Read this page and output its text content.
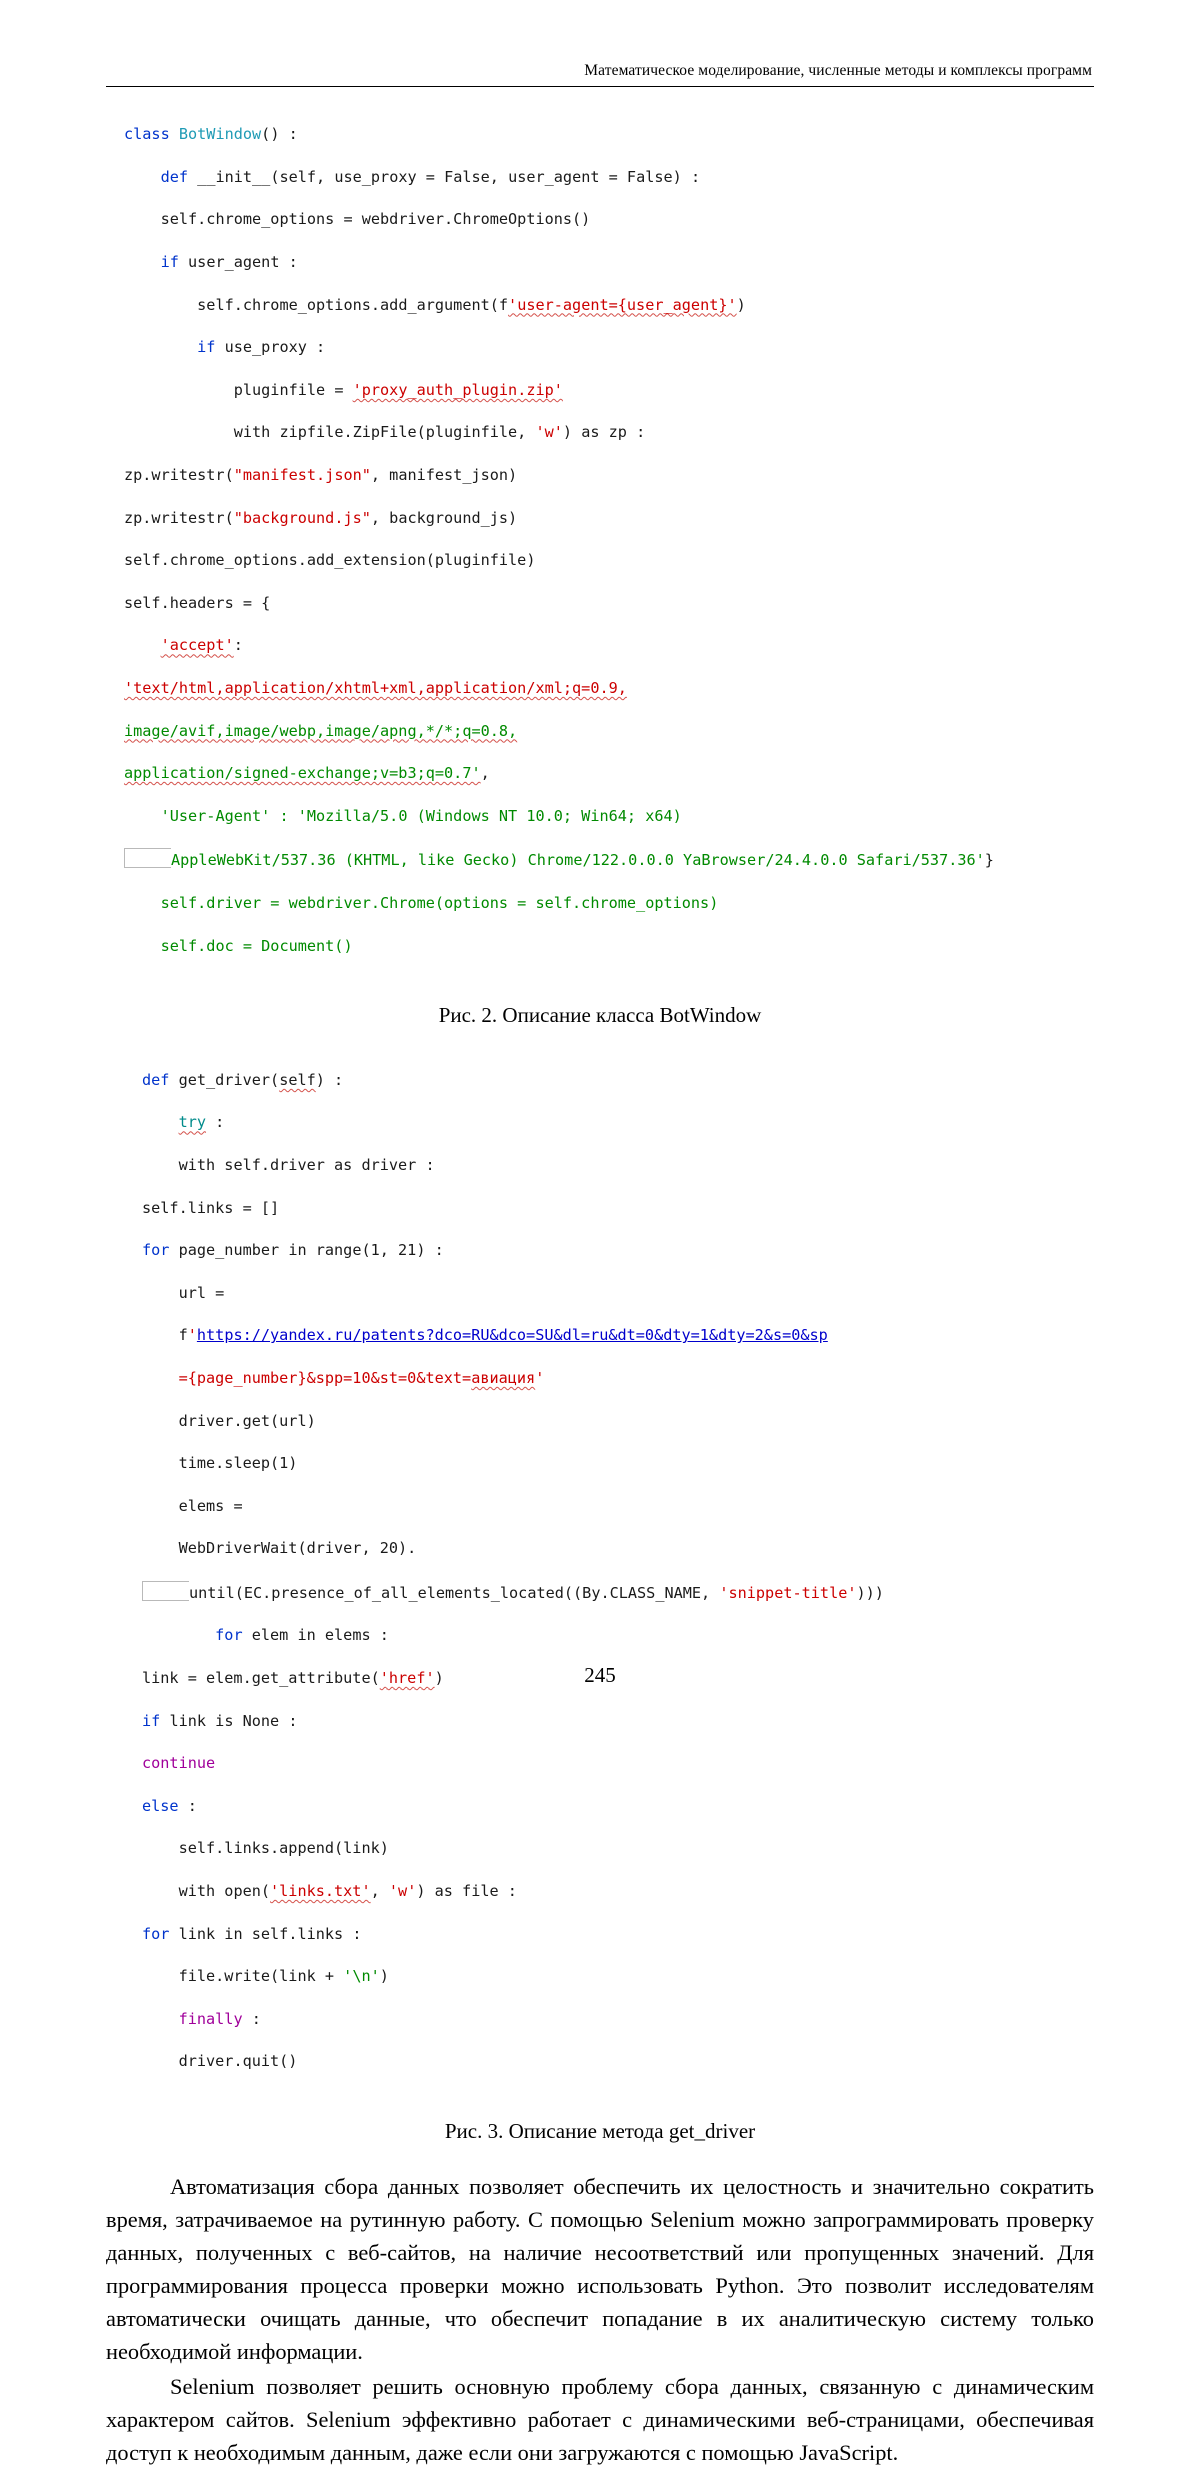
Математическое моделирование, численные методы и комплексы программ

class BotWindow() :

def __init__(self, use_proxy = False, user_agent = False) :

self.chrome_options = webdriver.ChromeOptions()

if user_agent :

self.chrome_options.add_argument(f'user-agent={user_agent}')

if use_proxy :

pluginfile = 'proxy_auth_plugin.zip'

with zipfile.ZipFile(pluginfile, 'w') as zp :

zp.writestr("manifest.json", manifest_json)

zp.writestr("background.js", background_js)

self.chrome_options.add_extension(pluginfile)

self.headers = {

'accept':

'text/html,application/xhtml+xml,application/xml;q=0.9,

image/avif,image/webp,image/apng,*/*;q=0.8,

application/signed-exchange;v=b3;q=0.7',

'User-Agent' : 'Mozilla/5.0 (Windows NT 10.0; Win64; x64)

AppleWebKit/537.36 (KHTML, like Gecko) Chrome/122.0.0.0 YaBrowser/24.4.0.0 Safari/537.36'}

self.driver = webdriver.Chrome(options = self.chrome_options)

self.doc = Document()

Рис. 2. Описание класса BotWindow

def get_driver(self) :

try :

with self.driver as driver :

self.links = []

for page_number in range(1, 21) :

url =

f'https://yandex.ru/patents?dco=RU&dco=SU&dl=ru&dt=0&dty=1&dty=2&s=0&sp

={page_number}&spp=10&st=0&text=авиация'

driver.get(url)

time.sleep(1)

elems =

WebDriverWait(driver, 20).

until(EC.presence_of_all_elements_located((By.CLASS_NAME, 'snippet-title')))

for elem in elems :

link = elem.get_attribute('href')

if link is None :

continue

else :

self.links.append(link)

with open('links.txt', 'w') as file :

for link in self.links :

file.write(link + '\n')

finally :

driver.quit()

Рис. 3. Описание метода get_driver

Автоматизация сбора данных позволяет обеспечить их целостность и значительно сократить время, затрачиваемое на рутинную работу. С помощью Selenium можно запрограммировать проверку данных, полученных с веб-сайтов, на наличие несоответствий или пропущенных значений. Для программирования процесса проверки можно использовать Python. Это позволит исследователям автоматически очищать данные, что обеспечит попадание в их аналитическую систему только необходимой информации.

Selenium позволяет решить основную проблему сбора данных, связанную с динамическим характером сайтов. Selenium эффективно работает с динамическими веб-страницами, обеспечивая доступ к необходимым данным, даже если они загружаются с помощью JavaScript.

245
